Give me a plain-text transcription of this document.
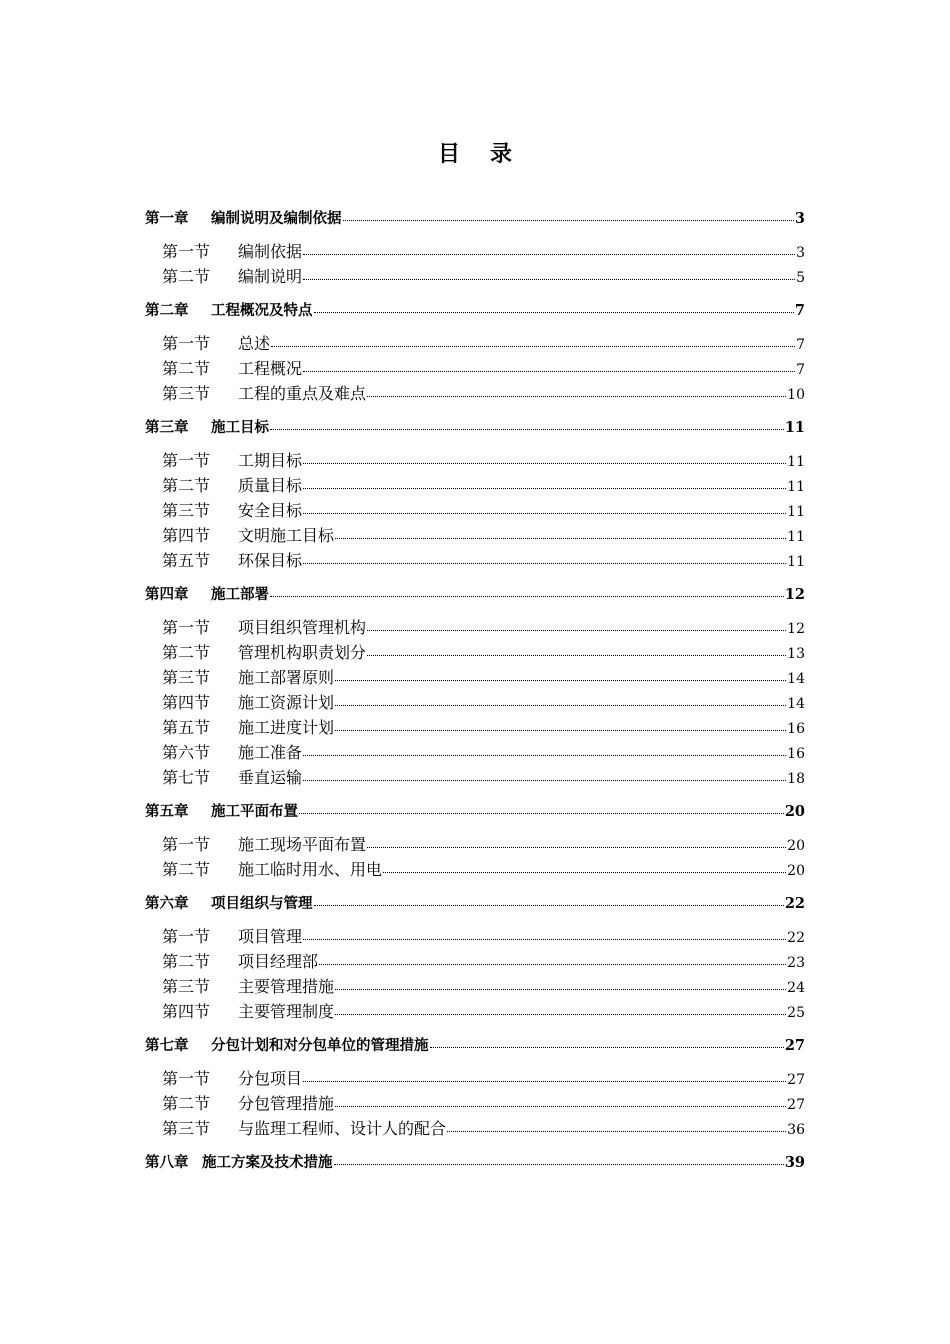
目 录
第一章 编制说明及编制依据	3
第一节 编制依据	3
第二节 编制说明	5
第二章 工程概况及特点	7
第一节 总述	7
第二节 工程概况	7
第三节 工程的重点及难点	10
第三章 施工目标	11
第一节 工期目标	11
第二节 质量目标	11
第三节 安全目标	11
第四节 文明施工目标	11
第五节 环保目标	11
第四章 施工部署	12
第一节 项目组织管理机构	12
第二节 管理机构职责划分	13
第三节 施工部署原则	14
第四节 施工资源计划	14
第五节 施工进度计划	16
第六节 施工准备	16
第七节 垂直运输	18
第五章 施工平面布置	20
第一节 施工现场平面布置	20
第二节 施工临时用水、用电	20
第六章 项目组织与管理	22
第一节 项目管理	22
第二节 项目经理部	23
第三节 主要管理措施	24
第四节 主要管理制度	25
第七章 分包计划和对分包单位的管理措施	27
第一节 分包项目	27
第二节 分包管理措施	27
第三节 与监理工程师、设计人的配合	36
第八章 施工方案及技术措施	39
